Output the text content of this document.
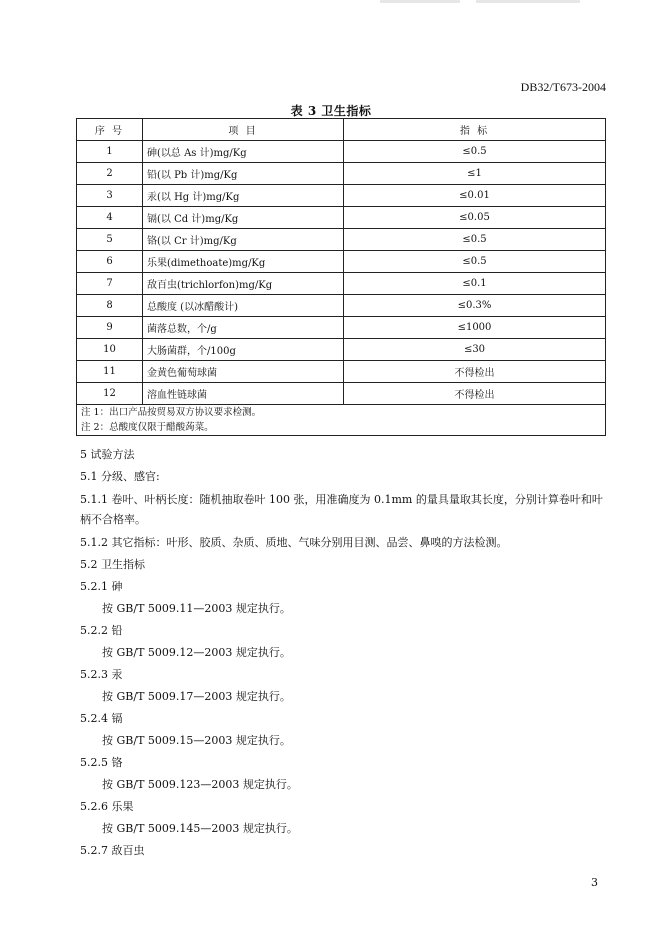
DB32/T673-2004
表 3 卫生指标
序 号	项 目	指 标
1	砷(以总 As 计)mg/Kg	≤0.5
2	铅(以 Pb 计)mg/Kg	≤1
3	汞(以 Hg 计)mg/Kg	≤0.01
4	镉(以 Cd 计)mg/Kg	≤0.05
5	铬(以 Cr 计)mg/Kg	≤0.5
6	乐果(dimethoate)mg/Kg	≤0.5
7	敌百虫(trichlorfon)mg/Kg	≤0.1
8	总酸度 (以冰醋酸计)	≤0.3%
9	菌落总数，个/g	≤1000
10	大肠菌群，个/100g	≤30
11	金黄色葡萄球菌	不得检出
12	溶血性链球菌	不得检出

注 1：出口产品按贸易双方协议要求检测。
注 2：总酸度仅限于醋酸蒟菜。		

5 试验方法

5.1 分级、感官:

5.1.1 卷叶、叶柄长度：随机抽取卷叶 100 张，用准确度为 0.1mm 的量具量取其长度，分别计算卷叶和叶柄不合格率。

5.1.2 其它指标：叶形、胶质、杂质、质地、气味分别用目测、品尝、鼻嗅的方法检测。

5.2 卫生指标

5.2.1 砷

按 GB/T 5009.11—2003 规定执行。

5.2.2 铅

按 GB/T 5009.12—2003 规定执行。

5.2.3 汞

按 GB/T 5009.17—2003 规定执行。

5.2.4 镉

按 GB/T 5009.15—2003 规定执行。

5.2.5 铬

按 GB/T 5009.123—2003 规定执行。

5.2.6 乐果

按 GB/T 5009.145—2003 规定执行。

5.2.7 敌百虫

3
